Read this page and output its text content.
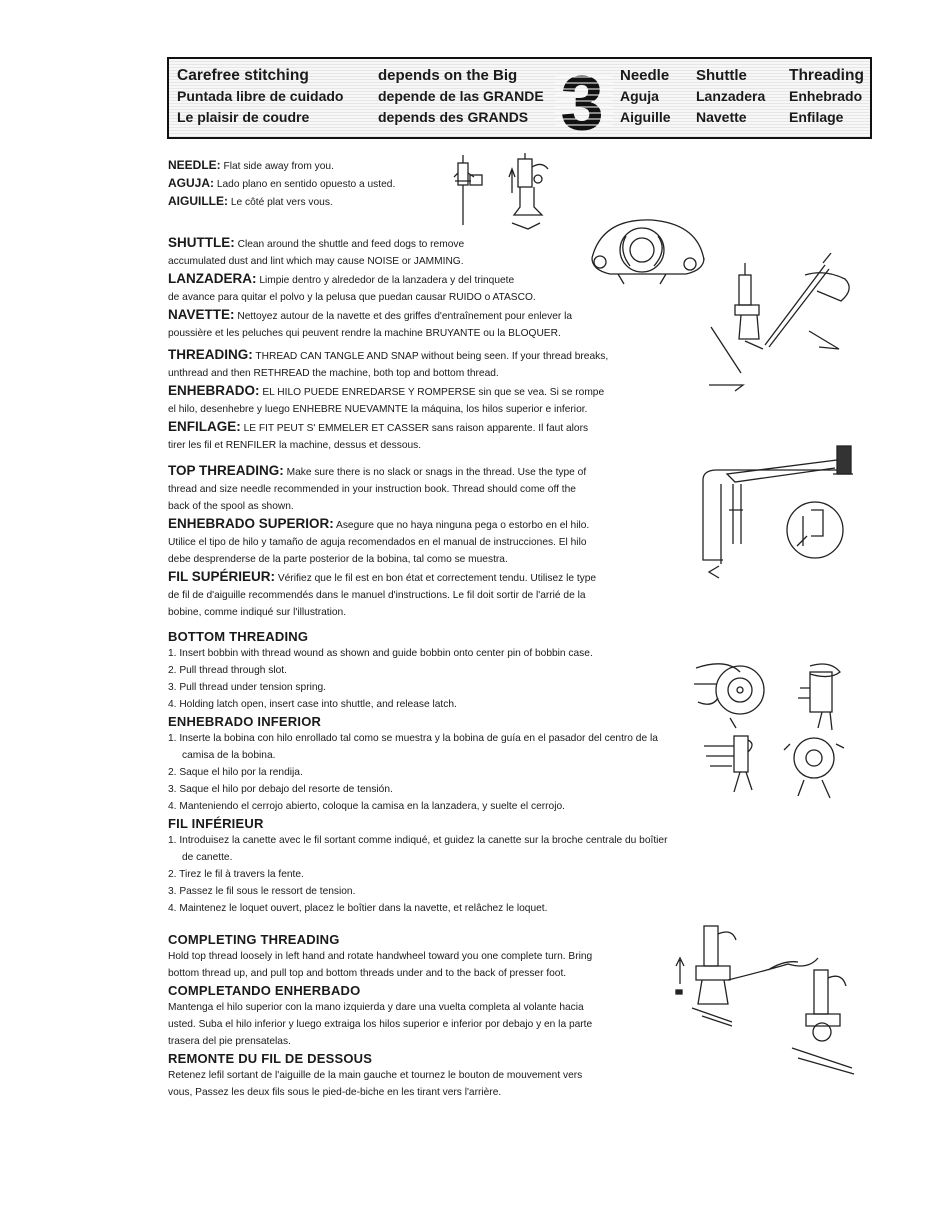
Carefree stitching
Puntada libre de cuidado
Le plaisir de coudre
depends on the Big
depende de las GRANDE
depends des GRANDS 3 Needle
Aguja
Aiguille
Shuttle
Lanzadera
Navette
Threading
Enhebrado
Enfilage

NEEDLE: Flat side away from you.

AGUJA: Lado plano en sentido opuesto a usted.

AIGUILLE: Le côté plat vers vous.

SHUTTLE: Clean around the shuttle and feed dogs to remove

accumulated dust and lint which may cause NOISE or JAMMING.

LANZADERA: Limpie dentro y alrededor de la lanzadera y del trinquete

de avance para quitar el polvo y la pelusa que puedan causar RUIDO o ATASCO.

NAVETTE: Nettoyez autour de la navette et des griffes d'entraînement pour enlever la

poussière et les peluches qui peuvent rendre la machine BRUYANTE ou la BLOQUER.

THREADING: THREAD CAN TANGLE AND SNAP without being seen. If your thread breaks,

unthread and then RETHREAD the machine, both top and bottom thread.

ENHEBRADO: EL HILO PUEDE ENREDARSE Y ROMPERSE sin que se vea. Si se rompe

el hilo, desenhebre y luego ENHEBRE NUEVAMNTE la máquina, los hilos superior e inferior.

ENFILAGE: LE FIT PEUT S' EMMELER ET CASSER sans raison apparente. Il faut alors

tirer les fil et RENFILER la machine, dessus et dessous.

TOP THREADING: Make sure there is no slack or snags in the thread. Use the type of

thread and size needle recommended in your instruction book. Thread should come off the

back of the spool as shown.

ENHEBRADO SUPERIOR: Asegure que no haya ninguna pega o estorbo en el hilo.

Utilice el tipo de hilo y tamaño de aguja recomendados en el manual de instrucciones. El hilo

debe desprenderse de la parte posterior de la bobina, tal como se muestra.

FIL SUPÉRIEUR: Vérifiez que le fil est en bon état et correctement tendu. Utilisez le type

de fil de d'aiguille recommendés dans le manuel d'instructions. Le fil doit sortir de l'arrié de la

bobine, comme indiqué sur l'illustration.

BOTTOM THREADING

1. Insert bobbin with thread wound as shown and guide bobbin onto center pin of bobbin case.

2. Pull thread through slot.

3. Pull thread under tension spring.

4. Holding latch open, insert case into shuttle, and release latch.

ENHEBRADO INFERIOR

1. Inserte la bobina con hilo enrollado tal como se muestra y la bobina de guía en el pasador del centro de la camisa de la bobina.

2. Saque el hilo por la rendija.

3. Saque el hilo por debajo del resorte de tensión.

4. Manteniendo el cerrojo abierto, coloque la camisa en la lanzadera, y suelte el cerrojo.

FIL INFÉRIEUR

1. Introduisez la canette avec le fil sortant comme indiqué, et guidez la canette sur la broche centrale du boîtier de canette.

2. Tirez le fil à travers la fente.

3. Passez le fil sous le ressort de tension.

4. Maintenez le loquet ouvert, placez le boîtier dans la navette, et relâchez le loquet.

COMPLETING THREADING

Hold top thread loosely in left hand and rotate handwheel toward you one complete turn. Bring

bottom thread up, and pull top and bottom threads under and to the back of presser foot.

COMPLETANDO ENHERBADO

Mantenga el hilo superior con la mano izquierda y dare una vuelta completa al volante hacia

usted. Suba el hilo inferior y luego extraiga los hilos superior e inferior por debajo y en la parte

trasera del pie prensatelas.

REMONTE DU FIL DE DESSOUS

Retenez lefil sortant de l'aiguille de la main gauche et tournez le bouton de mouvement vers

vous, Passez les deux fils sous le pied-de-biche en les tirant vers l'arrière.
